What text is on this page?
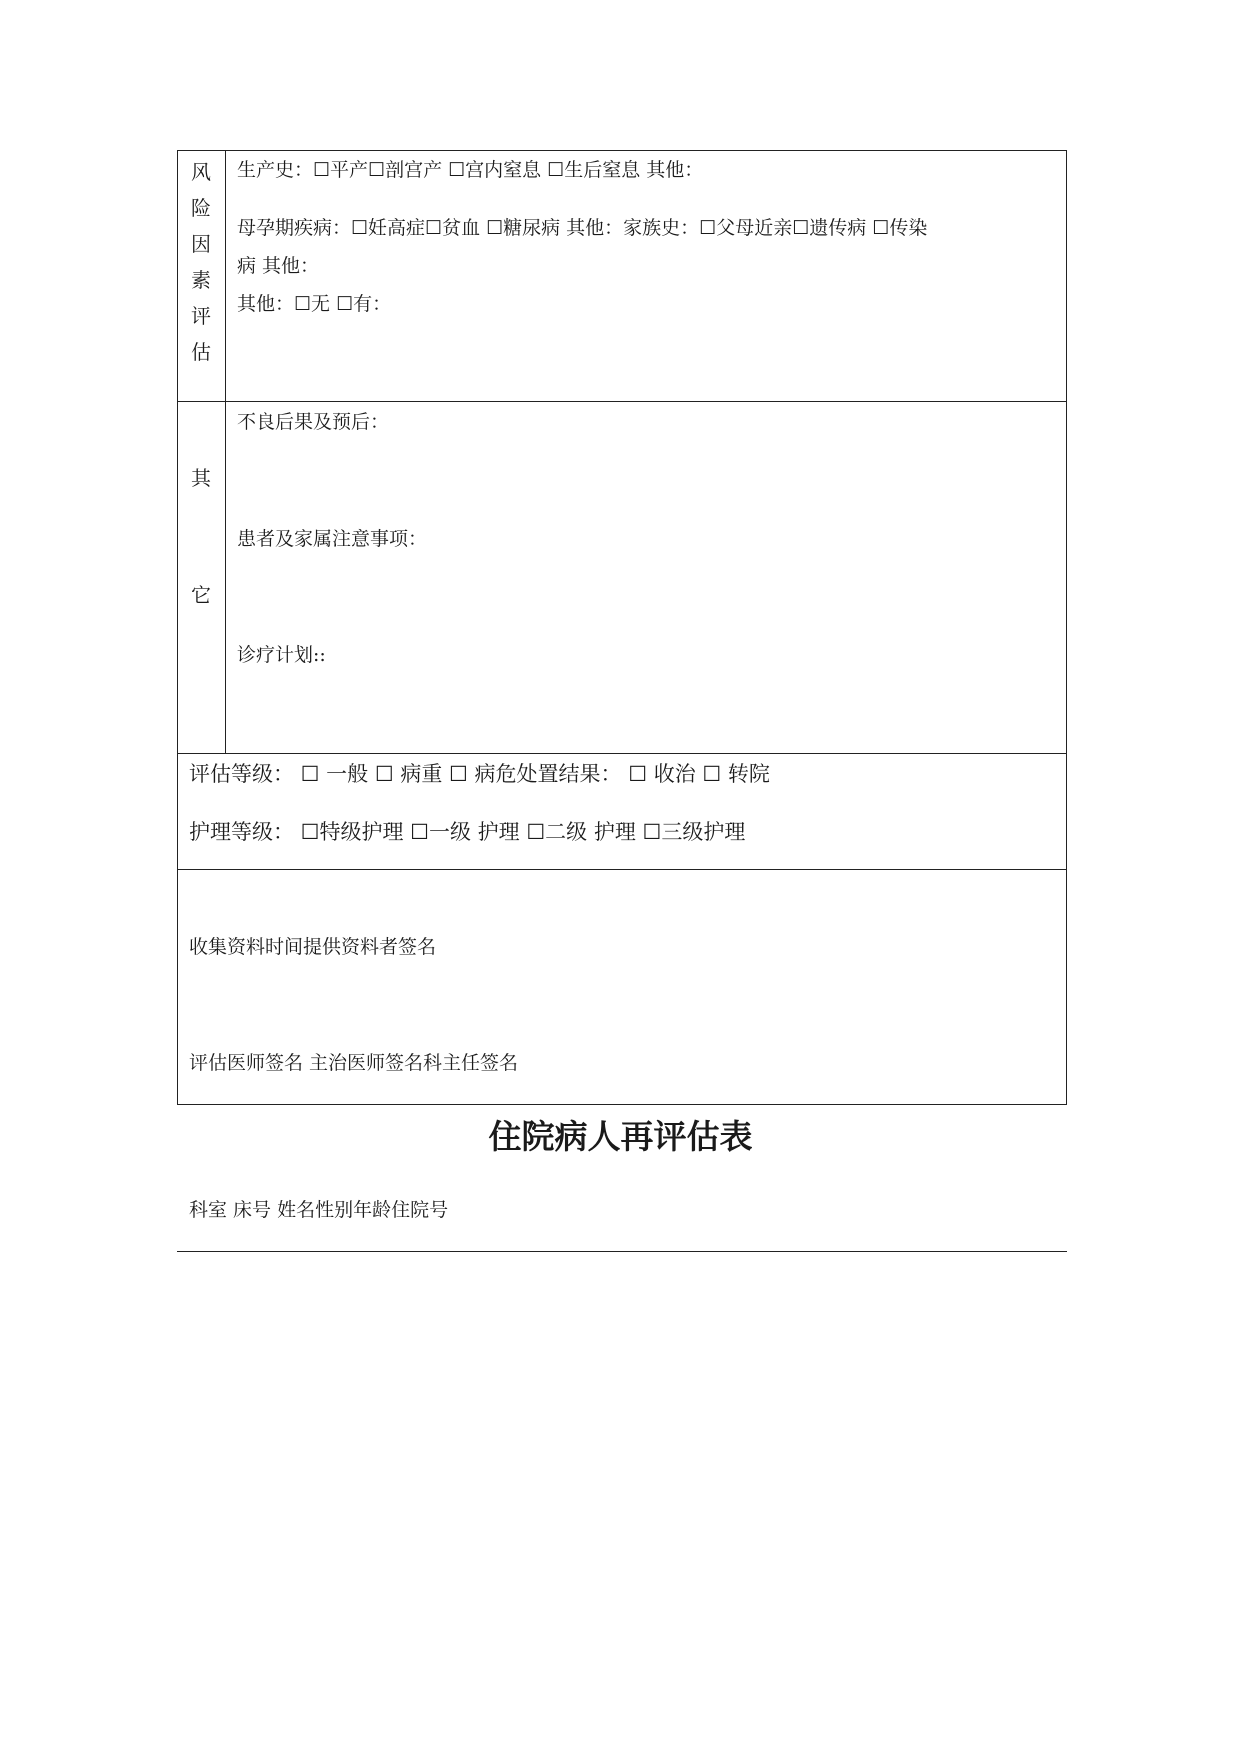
风
险
因
素
评
估
生产史：☐平产☐剖宫产 ☐宫内窒息 ☐生后窒息 其他：
母孕期疾病：☐妊高症☐贫血 ☐糖尿病 其他：家族史：☐父母近亲☐遗传病 ☐传染
病 其他：
其他：☐无 ☐有：
其
它
不良后果及预后：
患者及家属注意事项：
诊疗计划::
评估等级： ☐ 一般 ☐ 病重 ☐ 病危处置结果： ☐ 收治 ☐ 转院
护理等级： ☐特级护理 ☐一级 护理 ☐二级 护理 ☐三级护理
收集资料时间提供资料者签名
评估医师签名 主治医师签名科主任签名
住院病人再评估表
科室 床号 姓名性别年龄住院号
